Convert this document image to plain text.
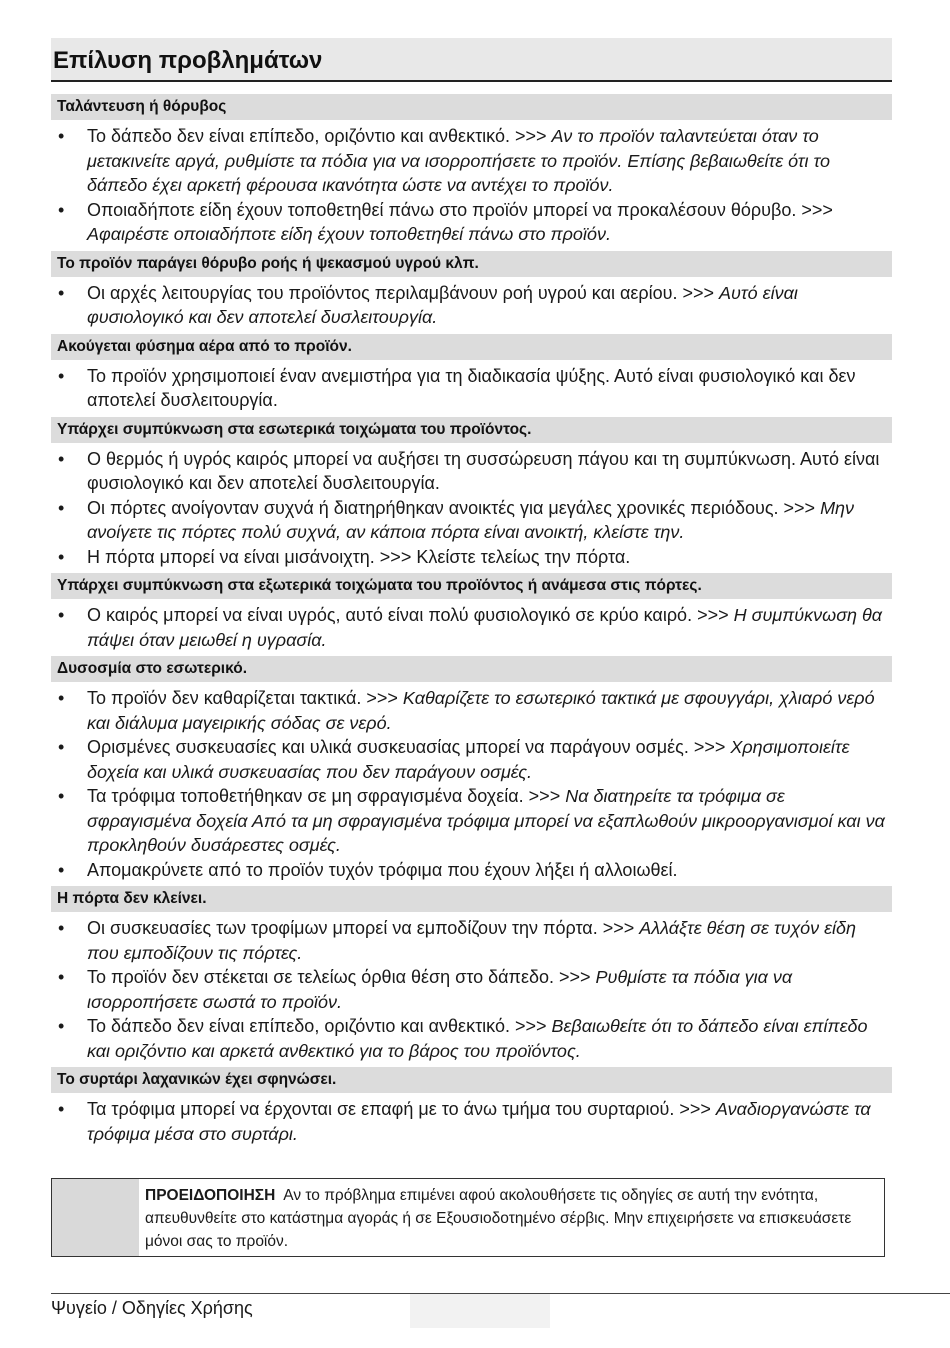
Επίλυση προβλημάτων
Ταλάντευση ή θόρυβος
• Το δάπεδο δεν είναι επίπεδο, οριζόντιο και ανθεκτικό. >>> Αν το προϊόν ταλαντεύεται όταν το μετακινείτε αργά, ρυθμίστε τα πόδια για να ισορροπήσετε το προϊόν. Επίσης βεβαιωθείτε ότι το δάπεδο έχει αρκετή φέρουσα ικανότητα ώστε να αντέχει το προϊόν.
• Οποιαδήποτε είδη έχουν τοποθετηθεί πάνω στο προϊόν μπορεί να προκαλέσουν θόρυβο. >>> Αφαιρέστε οποιαδήποτε είδη έχουν τοποθετηθεί πάνω στο προϊόν.
Το προϊόν παράγει θόρυβο ροής ή ψεκασμού υγρού κλπ.
• Οι αρχές λειτουργίας του προϊόντος περιλαμβάνουν ροή υγρού και αερίου. >>> Αυτό είναι φυσιολογικό και δεν αποτελεί δυσλειτουργία.
Ακούγεται φύσημα αέρα από το προϊόν.
• Το προϊόν χρησιμοποιεί έναν ανεμιστήρα για τη διαδικασία ψύξης. Αυτό είναι φυσιολογικό και δεν αποτελεί δυσλειτουργία.
Υπάρχει συμπύκνωση στα εσωτερικά τοιχώματα του προϊόντος.
• Ο θερμός ή υγρός καιρός μπορεί να αυξήσει τη συσσώρευση πάγου και τη συμπύκνωση. Αυτό είναι φυσιολογικό και δεν αποτελεί δυσλειτουργία.
• Οι πόρτες ανοίγονταν συχνά ή διατηρήθηκαν ανοικτές για μεγάλες χρονικές περιόδους. >>> Μην ανοίγετε τις πόρτες πολύ συχνά, αν κάποια πόρτα είναι ανοικτή, κλείστε την.
• Η πόρτα μπορεί να είναι μισάνοιχτη. >>> Κλείστε τελείως την πόρτα.
Υπάρχει συμπύκνωση στα εξωτερικά τοιχώματα του προϊόντος ή ανάμεσα στις πόρτες.
• Ο καιρός μπορεί να είναι υγρός, αυτό είναι πολύ φυσιολογικό σε κρύο καιρό. >>> Η συμπύκνωση θα πάψει όταν μειωθεί η υγρασία.
Δυσοσμία στο εσωτερικό.
• Το προϊόν δεν καθαρίζεται τακτικά. >>> Καθαρίζετε το εσωτερικό τακτικά με σφουγγάρι, χλιαρό νερό και διάλυμα μαγειρικής σόδας σε νερό.
• Ορισμένες συσκευασίες και υλικά συσκευασίας μπορεί να παράγουν οσμές. >>> Χρησιμοποιείτε δοχεία και υλικά συσκευασίας που δεν παράγουν οσμές.
• Τα τρόφιμα τοποθετήθηκαν σε μη σφραγισμένα δοχεία. >>> Να διατηρείτε τα τρόφιμα σε σφραγισμένα δοχεία Από τα μη σφραγισμένα τρόφιμα μπορεί να εξαπλωθούν μικροοργανισμοί και να προκληθούν δυσάρεστες οσμές.
• Απομακρύνετε από το προϊόν τυχόν τρόφιμα που έχουν λήξει ή αλλοιωθεί.
Η πόρτα δεν κλείνει.
• Οι συσκευασίες των τροφίμων μπορεί να εμποδίζουν την πόρτα. >>> Αλλάξτε θέση σε τυχόν είδη που εμποδίζουν τις πόρτες.
• Το προϊόν δεν στέκεται σε τελείως όρθια θέση στο δάπεδο. >>> Ρυθμίστε τα πόδια για να ισορροπήσετε σωστά το προϊόν.
• Το δάπεδο δεν είναι επίπεδο, οριζόντιο και ανθεκτικό. >>> Βεβαιωθείτε ότι το δάπεδο είναι επίπεδο και οριζόντιο και αρκετά ανθεκτικό για το βάρος του προϊόντος.
Το συρτάρι λαχανικών έχει σφηνώσει.
• Τα τρόφιμα μπορεί να έρχονται σε επαφή με το άνω τμήμα του συρταριού. >>> Αναδιοργανώστε τα τρόφιμα μέσα στο συρτάρι.
ΠΡΟΕΙΔΟΠΟΙΗΣΗ Αν το πρόβλημα επιμένει αφού ακολουθήσετε τις οδηγίες σε αυτή την ενότητα, απευθυνθείτε στο κατάστημα αγοράς ή σε Εξουσιοδοτημένο σέρβις. Μην επιχειρήσετε να επισκευάσετε μόνοι σας το προϊόν.
Ψυγείο / Οδηγίες Χρήσης
